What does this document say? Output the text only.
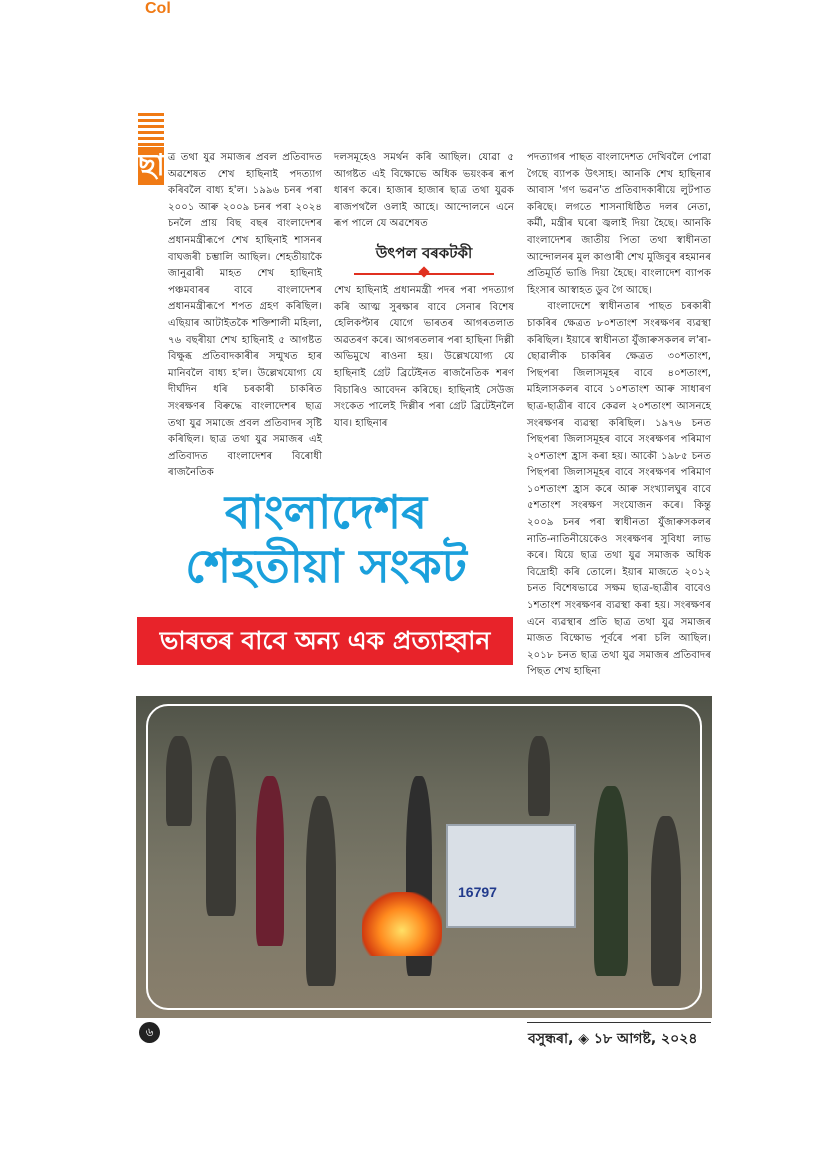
Col
ছা ত্ৰ তথা যুৱ সমাজৰ প্ৰবল প্ৰতিবাদত অৱশেষত শেখ হাছিনাই পদত্যাগ কৰিবলৈ বাধ্য হ'ল। ১৯৯৬ চনৰ পৰা ২০০১ আৰু ২০০৯ চনৰ পৰা ২০২৪ চনলৈ প্ৰায় বিছ বছৰ বাংলাদেশৰ প্ৰধানমন্ত্ৰীৰূপে শেখ হাছিনাই শাসনৰ বাঘজৰী চম্ভালি আছিল। শেহতীয়াকৈ জানুৱাৰী মাহত শেখ হাছিনাই পঞ্চমবাৰৰ বাবে বাংলাদেশৰ প্ৰধানমন্ত্ৰীৰূপে শপত গ্ৰহণ কৰিছিল। এছিয়াৰ আটাইতকৈ শক্তিশালী মহিলা, ৭৬ বছৰীয়া শেখ হাছিনাই ৫ আগষ্টত বিক্ষুব্ধ প্ৰতিবাদকাৰীৰ সন্মুখত হাৰ মানিবলৈ বাধ্য হ'ল। উল্লেখযোগ্য যে দীৰ্ঘদিন ধৰি চৰকাৰী চাকৰিত সংৰক্ষণৰ বিৰুদ্ধে বাংলাদেশৰ ছাত্ৰ তথা যুৱ সমাজে প্ৰবল প্ৰতিবাদৰ সৃষ্টি কৰিছিল। ছাত্ৰ তথা যুৱ সমাজৰ এই প্ৰতিবাদত বাংলাদেশৰ বিৰোধী ৰাজনৈতিক

দলসমূহেও সমৰ্থন কৰি আছিল। যোৱা ৫ আগষ্টত এই বিক্ষোভে অধিক ভয়ংকৰ ৰূপ ধাৰণ কৰে। হাজাৰ হাজাৰ ছাত্ৰ তথা যুৱক ৰাজপথলৈ ওলাই আহে। আন্দোলনে এনে ৰূপ পালে যে অৱশেষত

উৎপল বৰকটকী

শেখ হাছিনাই প্ৰধানমন্ত্ৰী পদৰ পৰা পদত্যাগ কৰি আত্ম সুৰক্ষাৰ বাবে সেনাৰ বিশেষ হেলিকপ্টাৰ যোগে ভাৰতৰ আগৰতলাত অৱতৰণ কৰে। আগৰতলাৰ পৰা হাছিনা দিল্লী অভিমুখে ৰাওনা হয়। উল্লেখযোগ্য যে হাছিনাই গ্ৰেট ব্ৰিটেইনত ৰাজনৈতিক শৰণ বিচাৰিও আবেদন কৰিছে। হাছিনাই সেউজ সংকেত পালেই দিল্লীৰ পৰা গ্ৰেট ব্ৰিটেইনলৈ যাব। হাছিনাৰ

পদত্যাগৰ পাছত বাংলাদেশত দেখিবলৈ পোৱা গৈছে ব্যাপক উৎসাহ। আনকি শেখ হাছিনাৰ আবাস 'গণ ভৱন'ত প্ৰতিবাদকাৰীয়ে লুটপাত কৰিছে। লগতে শাসনাধিষ্ঠিত দলৰ নেতা, কৰ্মী, মন্ত্ৰীৰ ঘৰো জ্বলাই দিয়া হৈছে। আনকি বাংলাদেশৰ জাতীয় পিতা তথা স্বাধীনতা আন্দোলনৰ মুল কাণ্ডাৰী শেখ মুজিবুৰ ৰহমানৰ প্ৰতিমূৰ্তি ভাঙি দিয়া হৈছে। বাংলাদেশ ব্যাপক হিংসাৰ আস্বাহত ডুব গৈ আছে।

বাংলাদেশে স্বাধীনতাৰ পাছত চৰকাৰী চাকৰিৰ ক্ষেত্ৰত ৮০শতাংশ সংৰক্ষণৰ ব্যৱস্থা কৰিছিল। ইয়াৰে স্বাধীনতা যুঁজাৰুসকলৰ ল'ৰা-ছোৱালীক চাকৰিৰ ক্ষেত্ৰত ৩০শতাংশ, পিছপৰা জিলাসমূহৰ বাবে ৪০শতাংশ, মহিলাসকলৰ বাবে ১০শতাংশ আৰু সাধাৰণ ছাত্ৰ-ছাত্ৰীৰ বাবে কেৱল ২০শতাংশ আসনহে সংৰক্ষণৰ ব্যৱস্থা কৰিছিল। ১৯৭৬ চনত পিছপৰা জিলাসমূহৰ বাবে সংৰক্ষণৰ পৰিমাণ ২০শতাংশ হ্ৰাস কৰা হয়। আকৌ ১৯৮৫ চনত পিছপৰা জিলাসমূহৰ বাবে সংৰক্ষণৰ পৰিমাণ ১০শতাংশ হ্ৰাস কৰে আৰু সংখ্যালঘুৰ বাবে ৫শতাংশ সংৰক্ষণ সংযোজন কৰে। কিন্তু ২০০৯ চনৰ পৰা স্বাধীনতা যুঁজাৰুসকলৰ নাতি-নাতিনীয়েকেও সংৰক্ষণৰ সুবিধা লাভ কৰে। যিয়ে ছাত্ৰ তথা যুৱ সমাজক অধিক বিদ্ৰোহী কৰি তোলে। ইয়াৰ মাজতে ২০১২ চনত বিশেষভাৱে সক্ষম ছাত্ৰ-ছাত্ৰীৰ বাবেও ১শতাংশ সংৰক্ষণৰ ব্যৱস্থা কৰা হয়। সংৰক্ষণৰ এনে ব্যৱস্থাৰ প্ৰতি ছাত্ৰ তথা যুৱ সমাজৰ মাজত বিক্ষোভ পূৰ্বৰে পৰা চলি আছিল। ২০১৮ চনত ছাত্ৰ তথা যুৱ সমাজৰ প্ৰতিবাদৰ পিছত শেখ হাছিনা

বাংলাদেশৰ
শেহতীয়া সংকট
ভাৰতৰ বাবে অন্য এক প্ৰত্যাহ্বান
16797
৬	বসুন্ধৰা, ◈ ১৮ আগষ্ট, ২০২৪
